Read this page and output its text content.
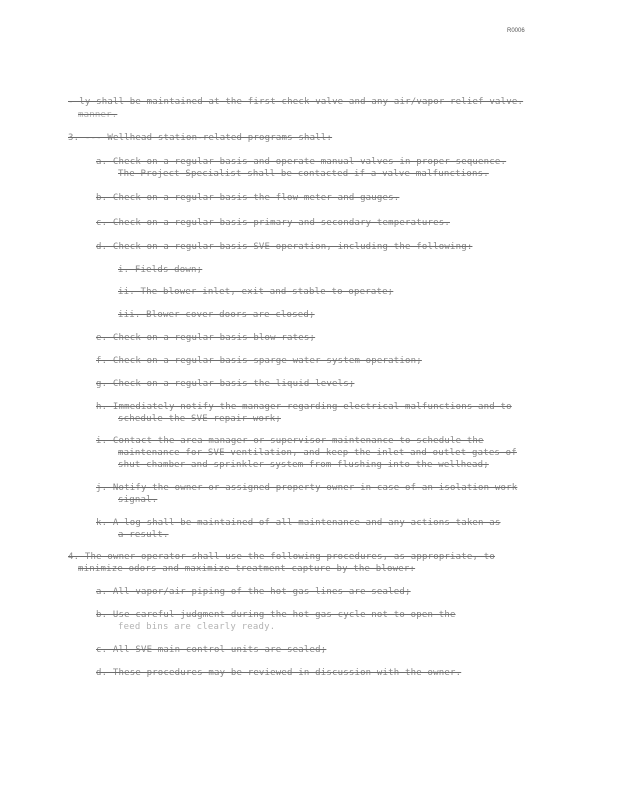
R0006
- ly shall be maintained at the first check valve and any air/vapor relief valve.
manner.
3. --- Wellhead station-related programs shall:
a. Check on a regular basis and operate manual valves in proper sequence.
The Project Specialist shall be contacted if a valve malfunctions.
b. Check on a regular basis the flow meter and gauges.
c. Check on a regular basis primary and secondary temperatures.
d. Check on a regular basis SVE operation, including the following:
i. Fields down;
ii. The blower inlet, exit and stable to operate;
iii. Blower cover doors are closed;
e. Check on a regular basis blow rates;
f. Check on a regular basis sparge water system operation;
g. Check on a regular basis the liquid levels;
h. Immediately notify the manager regarding electrical malfunctions and to
schedule the SVE repair work;
i. Contact the area manager or supervisor maintenance to schedule the
maintenance for SVE ventilation, and keep the inlet and outlet gates of
shut chamber and sprinkler system from flushing into the wellhead;
j. Notify the owner or assigned property owner in case of an isolation work
signal.
k. A log shall be maintained of all maintenance and any actions taken as
a result.
4. The owner operator shall use the following procedures, as appropriate, to
minimize odors and maximize treatment capture by the blower:
a. All vapor/air piping of the hot gas lines are sealed;
b. Use careful judgment during the hot gas cycle not to open the
feed bins are clearly ready.
c. All SVE main control units are sealed;
d. These procedures may be reviewed in discussion with the owner.
